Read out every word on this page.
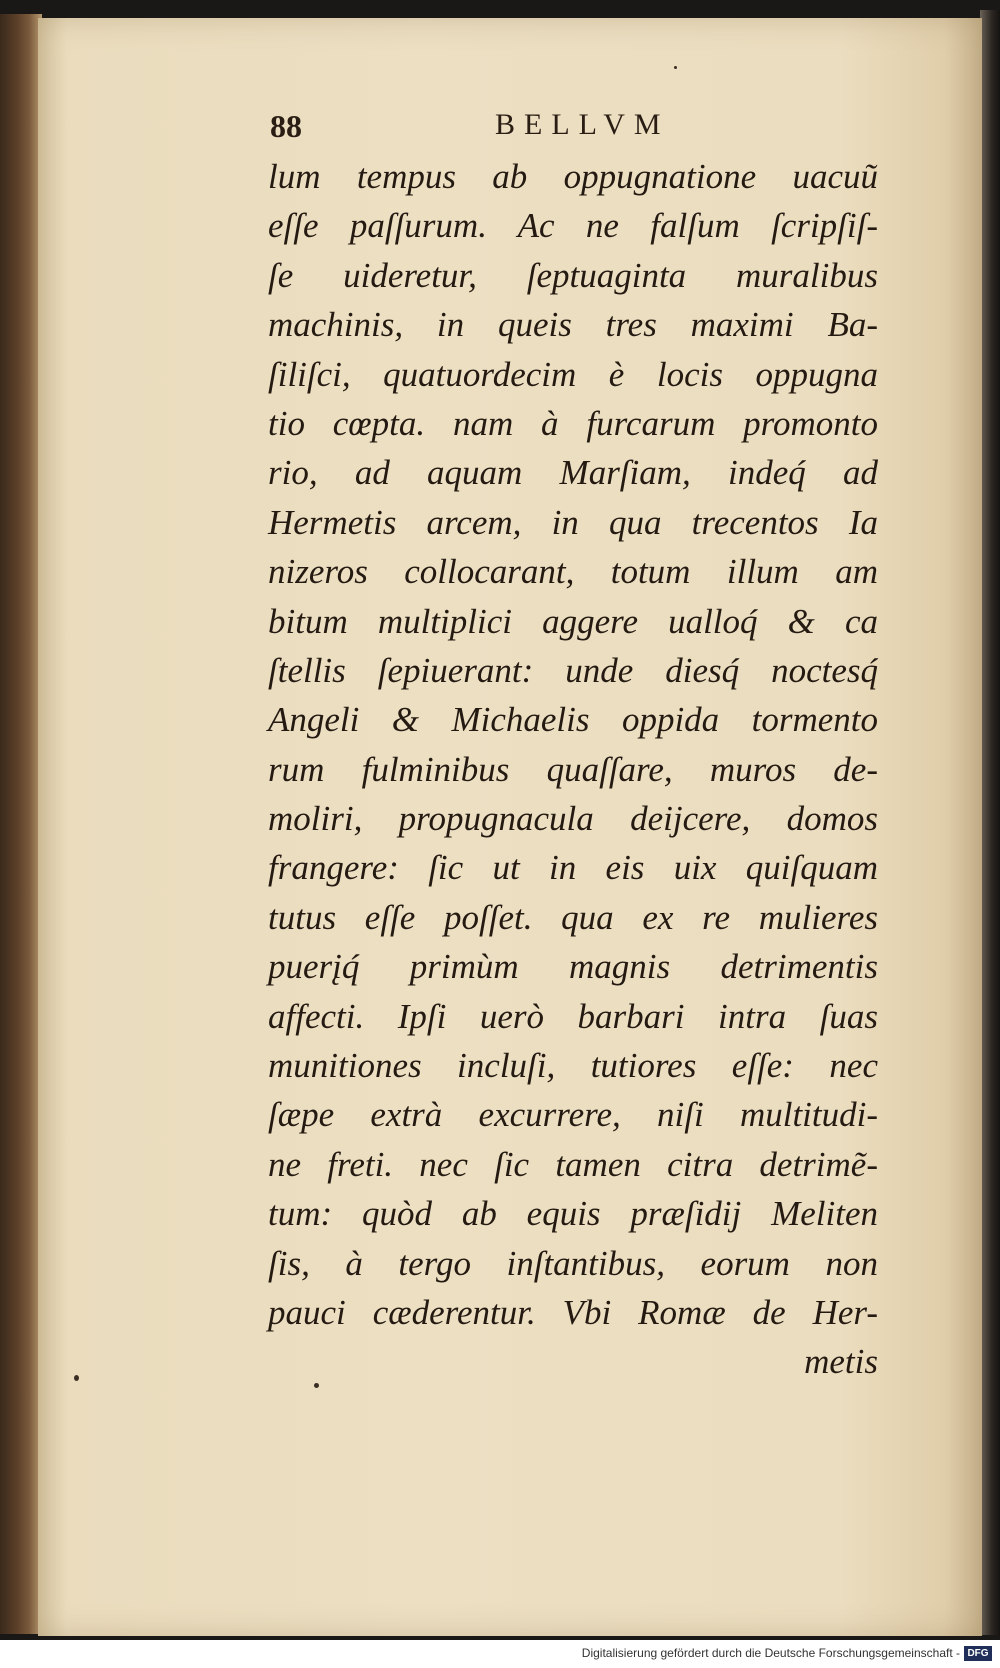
88	BELLVM
lum tempus ab oppugnatione uacuũ
eſſe paſſurum. Ac ne falſum ſcripſiſ-
ſe uideretur, ſeptuaginta muralibus
machinis, in queis tres maximi Ba-
ſiliſci, quatuordecim è locis oppugna
tio cœpta. nam à furcarum promonto
rio, ad aquam Marſiam, indeq́ ad
Hermetis arcem, in qua trecentos Ia
nizeros collocarant, totum illum am
bitum multiplici aggere ualloq́ & ca
ſtellis ſepiuerant: unde diesq́ noctesq́
Angeli & Michaelis oppida tormento
rum fulminibus quaſſare, muros de-
moliri, propugnacula deijcere, domos
frangere: ſic ut in eis uix quiſquam
tutus eſſe poſſet. qua ex re mulieres
puerįq́ primùm magnis detrimentis
affecti. Ipſi uerò barbari intra ſuas
munitiones incluſi, tutiores eſſe: nec
ſæpe extrà excurrere, niſi multitudi-
ne freti. nec ſic tamen citra detrimẽ-
tum: quòd ab equis præſidij Meliten
ſis, à tergo inſtantibus, eorum non
pauci cæderentur. Vbi Romæ de Her-
metis
Digitalisierung gefördert durch die Deutsche Forschungsgemeinschaft - DFG
